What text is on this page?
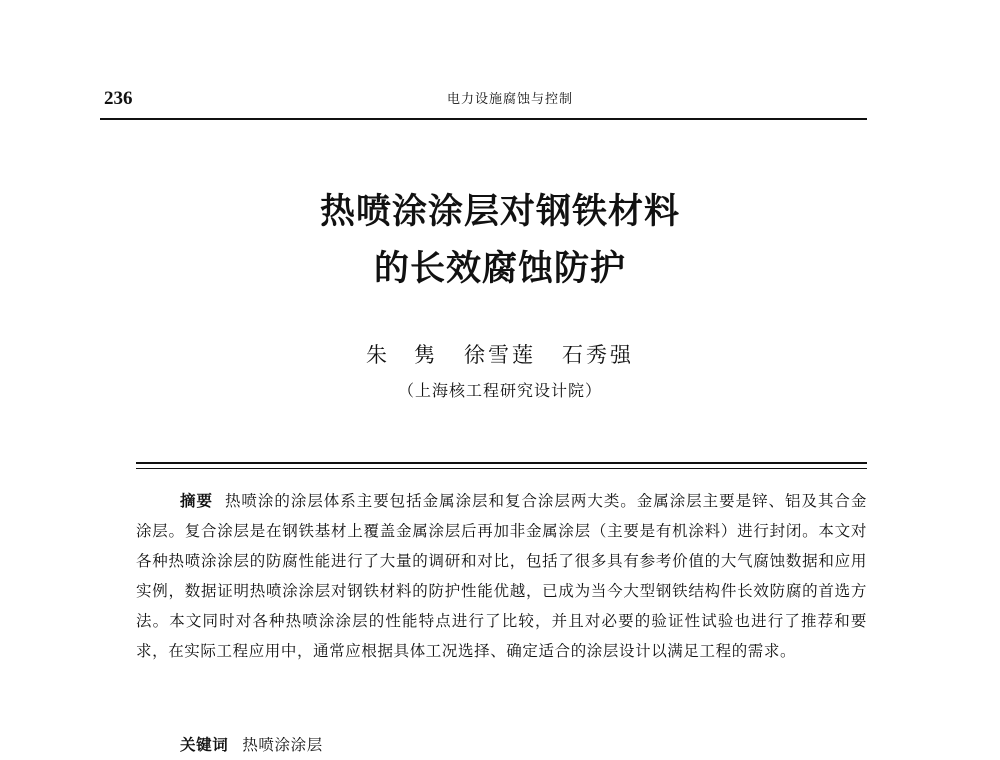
236	电力设施腐蚀与控制
热喷涂涂层对钢铁材料
的长效腐蚀防护
朱　隽 徐雪莲 石秀强
（上海核工程研究设计院）
摘要 热喷涂的涂层体系主要包括金属涂层和复合涂层两大类。金属涂层主要是锌、铝及其合金涂层。复合涂层是在钢铁基材上覆盖金属涂层后再加非金属涂层（主要是有机涂料）进行封闭。本文对各种热喷涂涂层的防腐性能进行了大量的调研和对比，包括了很多具有参考价值的大气腐蚀数据和应用实例，数据证明热喷涂涂层对钢铁材料的防护性能优越，已成为当今大型钢铁结构件长效防腐的首选方法。本文同时对各种热喷涂涂层的性能特点进行了比较，并且对必要的验证性试验也进行了推荐和要求，在实际工程应用中，通常应根据具体工况选择、确定适合的涂层设计以满足工程的需求。
关键词 热喷涂涂层
